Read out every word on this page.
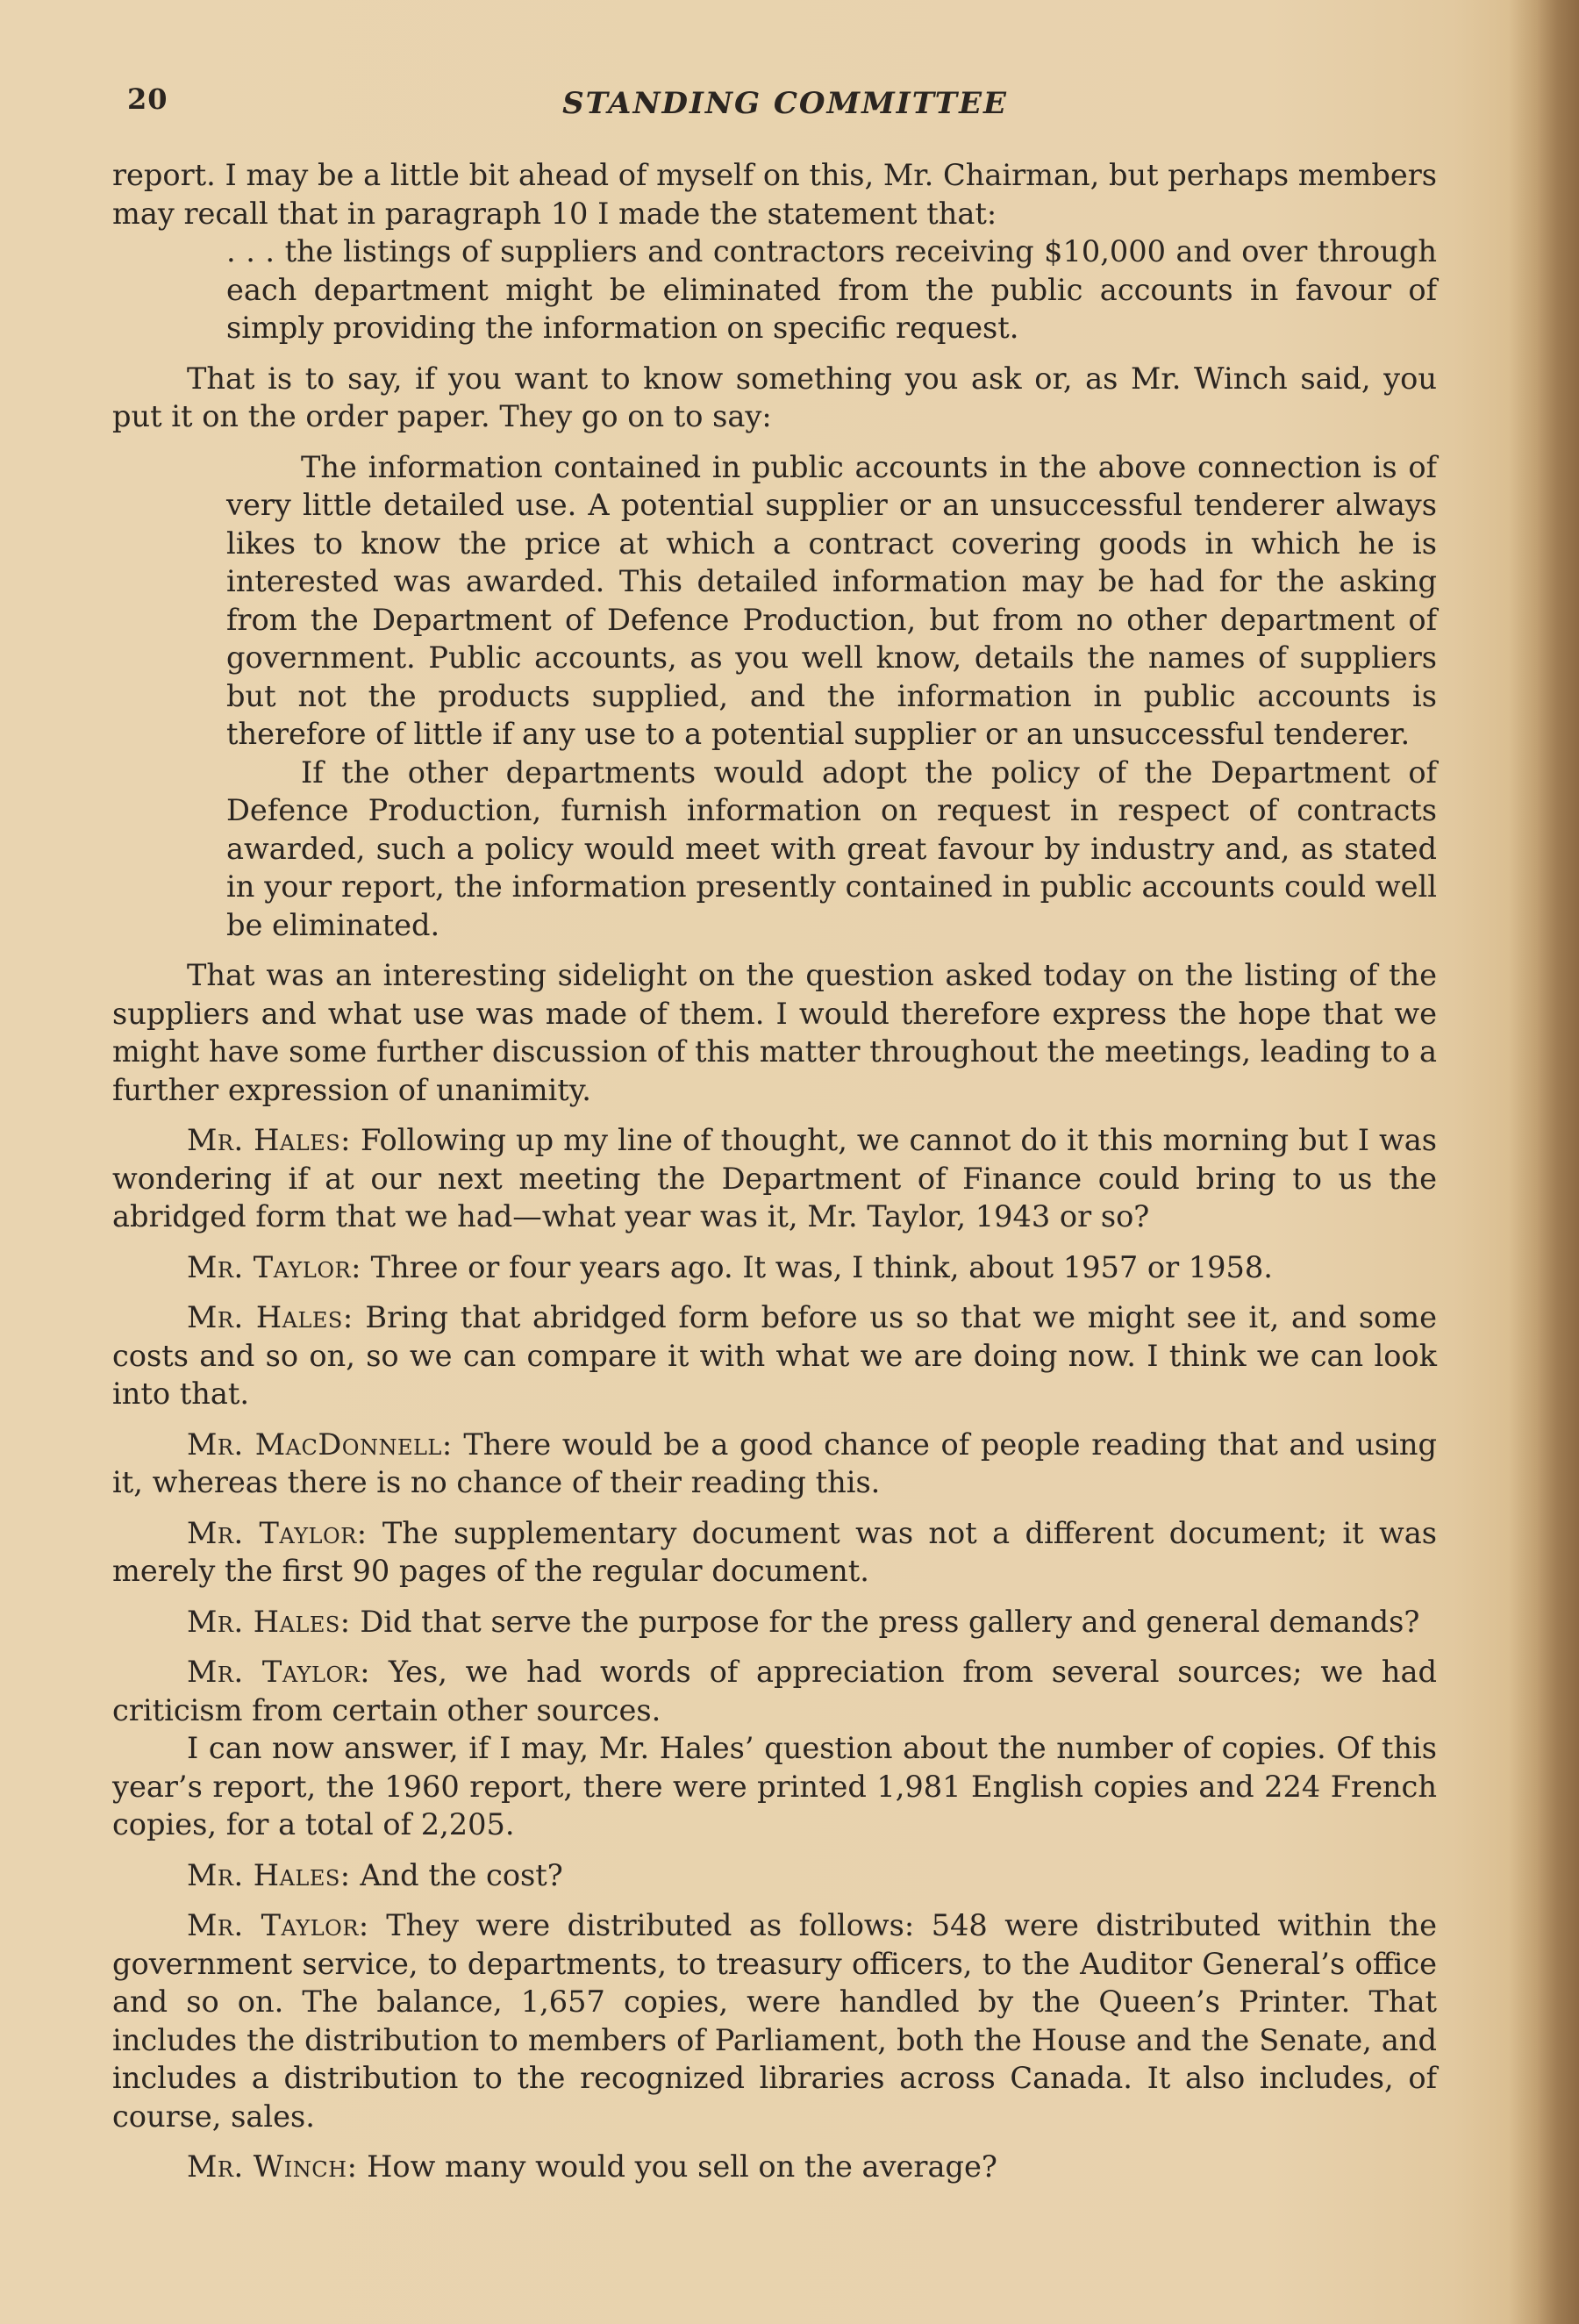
20	STANDING COMMITTEE

report. I may be a little bit ahead of myself on this, Mr. Chairman, but perhaps members may recall that in paragraph 10 I made the statement that:

. . . the listings of suppliers and contractors receiving $10,000 and over through each department might be eliminated from the public accounts in favour of simply providing the information on specific request.

That is to say, if you want to know something you ask or, as Mr. Winch said, you put it on the order paper. They go on to say:

The information contained in public accounts in the above connection is of very little detailed use. A potential supplier or an unsuccessful tenderer always likes to know the price at which a contract covering goods in which he is interested was awarded. This detailed information may be had for the asking from the Department of Defence Production, but from no other department of government. Public accounts, as you well know, details the names of suppliers but not the products supplied, and the information in public accounts is therefore of little if any use to a potential supplier or an unsuccessful tenderer.

If the other departments would adopt the policy of the Department of Defence Production, furnish information on request in respect of contracts awarded, such a policy would meet with great favour by industry and, as stated in your report, the information presently contained in public accounts could well be eliminated.

That was an interesting sidelight on the question asked today on the listing of the suppliers and what use was made of them. I would therefore express the hope that we might have some further discussion of this matter throughout the meetings, leading to a further expression of unanimity.

Mr. Hales: Following up my line of thought, we cannot do it this morning but I was wondering if at our next meeting the Department of Finance could bring to us the abridged form that we had—what year was it, Mr. Taylor, 1943 or so?

Mr. Taylor: Three or four years ago. It was, I think, about 1957 or 1958.

Mr. Hales: Bring that abridged form before us so that we might see it, and some costs and so on, so we can compare it with what we are doing now. I think we can look into that.

Mr. MacDonnell: There would be a good chance of people reading that and using it, whereas there is no chance of their reading this.

Mr. Taylor: The supplementary document was not a different document; it was merely the first 90 pages of the regular document.

Mr. Hales: Did that serve the purpose for the press gallery and general demands?

Mr. Taylor: Yes, we had words of appreciation from several sources; we had criticism from certain other sources.

I can now answer, if I may, Mr. Hales’ question about the number of copies. Of this year’s report, the 1960 report, there were printed 1,981 English copies and 224 French copies, for a total of 2,205.

Mr. Hales: And the cost?

Mr. Taylor: They were distributed as follows: 548 were distributed within the government service, to departments, to treasury officers, to the Auditor General’s office and so on. The balance, 1,657 copies, were handled by the Queen’s Printer. That includes the distribution to members of Parliament, both the House and the Senate, and includes a distribution to the recognized libraries across Canada. It also includes, of course, sales.

Mr. Winch: How many would you sell on the average?
